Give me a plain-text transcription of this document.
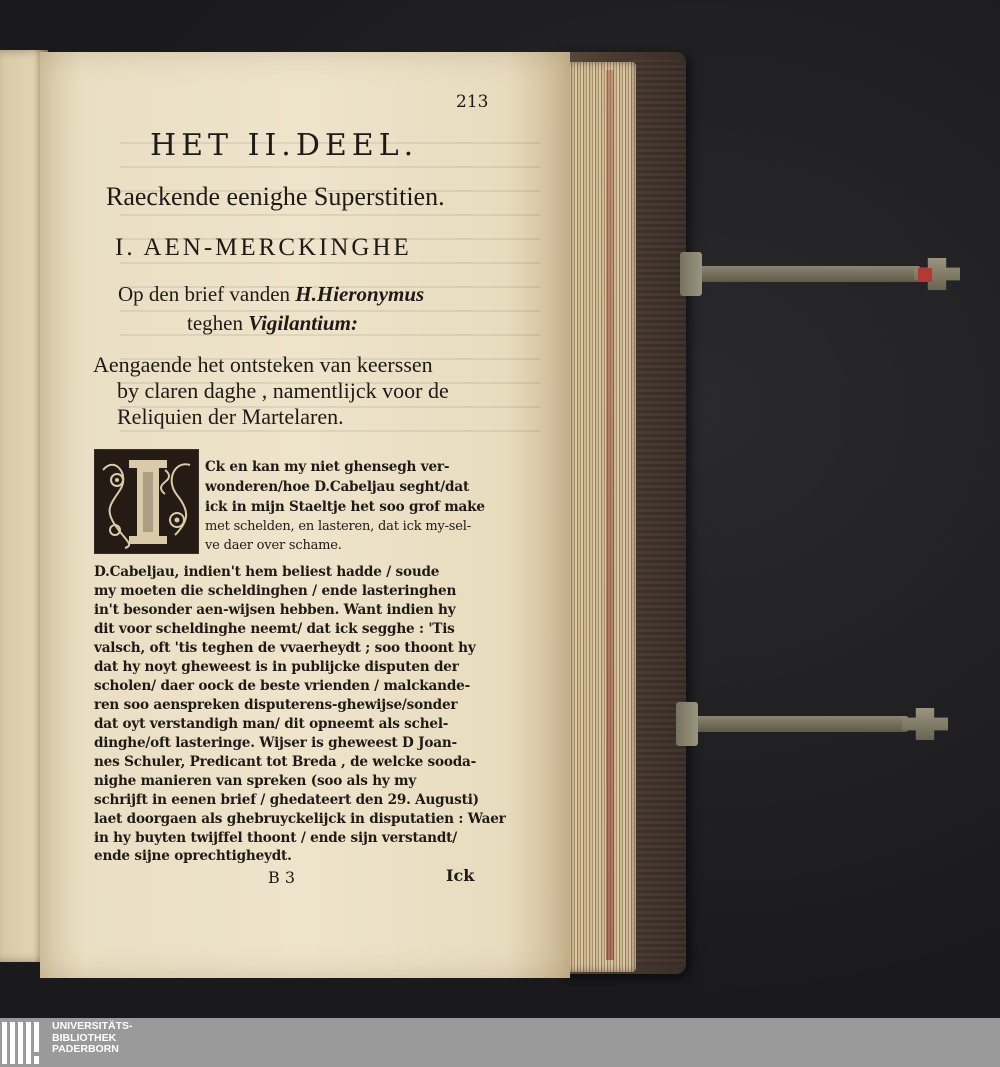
213
HET II.DEEL.
Raeckende eenighe Superstitien.
I. AEN-MERCKINGHE
Op den brief vanden H.Hieronymus
teghen Vigilantium:
Aengaende het ontsteken van keerssen
by claren daghe , namentlijck voor de
Reliquien der Martelaren.
Ck en kan my niet ghensegh ver-
wonderen/hoe D.Cabeljau seght/dat
ick in mijn Staeltje het soo grof make
met schelden, en lasteren, dat ick my-sel-
ve daer over schame.
D.Cabeljau, indien't hem beliest hadde / soude
my moeten die scheldinghen / ende lasteringhen
in't besonder aen-wijsen hebben. Want indien hy
dit voor scheldinghe neemt/ dat ick segghe : 'Tis
valsch, oft 'tis teghen de vvaerheydt ; soo thoont hy
dat hy noyt gheweest is in publijcke disputen der
scholen/ daer oock de beste vrienden / malckande-
ren soo aenspreken disputerens-ghewijse/sonder
dat oyt verstandigh man/ dit opneemt als schel-
dinghe/oft lasteringe. Wijser is gheweest D Joan-
nes Schuler, Predicant tot Breda , de welcke sooda-
nighe manieren van spreken (soo als hy my
schrijft in eenen brief / ghedateert den 29. Augusti)
laet doorgaen als ghebruyckelijck in disputatien : Waer
in hy buyten twijffel thoont / ende sijn verstandt/
ende sijne oprechtigheydt.
B 3	Ick
UNIVERSITÄTS-
BIBLIOTHEK
PADERBORN
